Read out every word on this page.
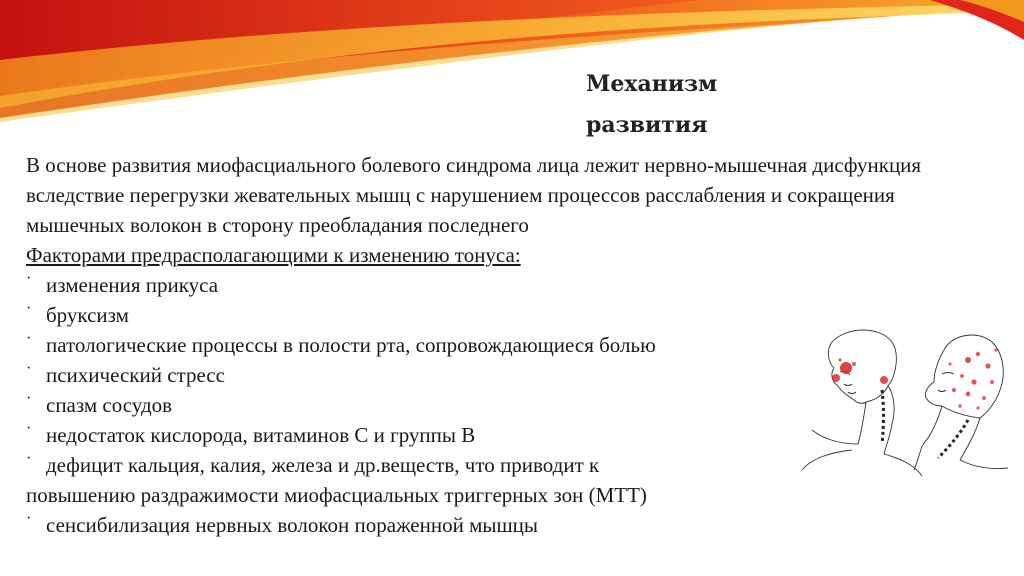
Механизм
развития

В основе развития миофасциального болевого синдрома лица лежит нервно-мышечная дисфункция вследствие перегрузки жевательных мышц с нарушением процессов расслабления и сокращения мышечных волокон в сторону преобладания последнего

Факторами предрасполагающими к изменению тонуса:
· изменения прикуса
· бруксизм
· патологические процессы в полости рта, сопровождающиеся болью
· психический стресс
· спазм сосудов
· недостаток кислорода, витаминов С и группы В
· дефицит кальция, калия, железа и др.веществ, что приводит к
повышению раздражимости миофасциальных триггерных зон (МТТ)
· сенсибилизация нервных волокон пораженной мышцы
